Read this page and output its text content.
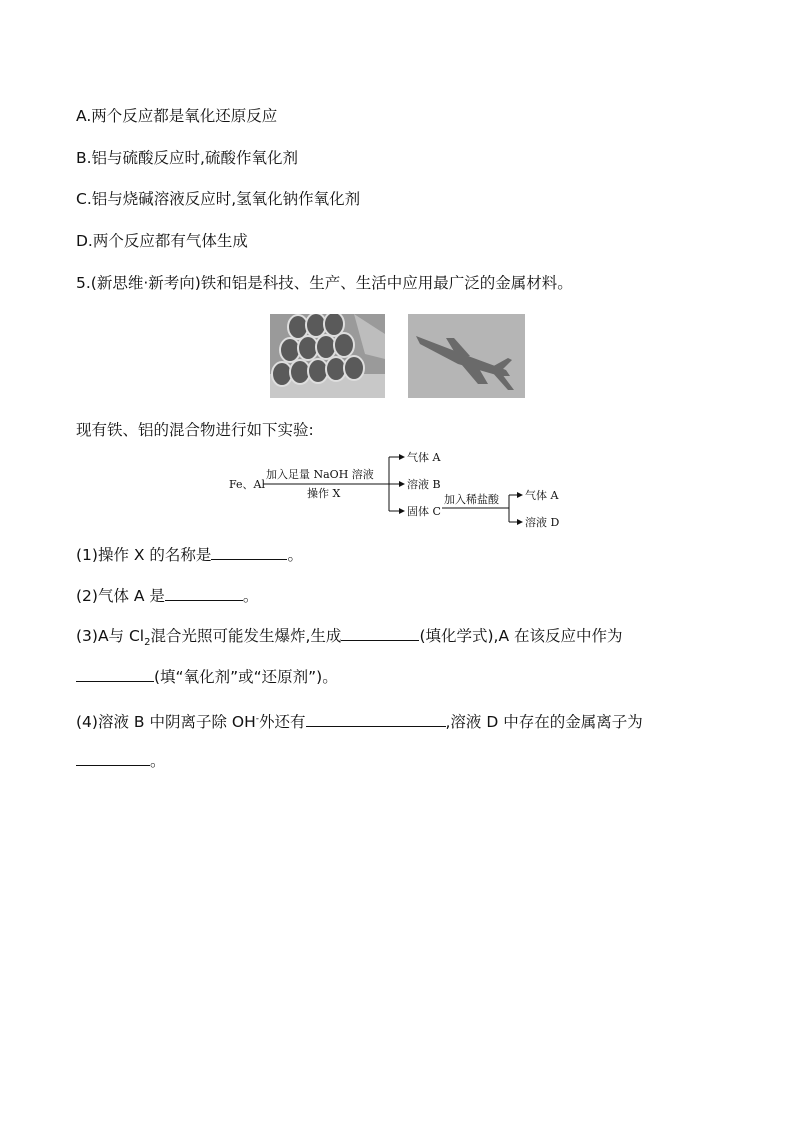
A.两个反应都是氧化还原反应
B.铝与硫酸反应时,硫酸作氧化剂
C.铝与烧碱溶液反应时,氢氧化钠作氧化剂
D.两个反应都有气体生成
5.(新思维·新考向)铁和铝是科技、生产、生活中应用最广泛的金属材料。
现有铁、铝的混合物进行如下实验:
Fe、Al
加入足量 NaOH 溶液
操作 X
气体 A
溶液 B
固体 C
加入稀盐酸 气体 A
溶液 D
(1)操作 X 的名称是	。
(2)气体 A 是	。
(3)A与 $Cl_2$混合光照可能发生爆炸,生成	(填化学式),A 在该反应中作为
(填“氧化剂”或“还原剂”)。
(4)溶液 B 中阴离子除 OH-外还有	,溶液 D 中存在的金属离子为
。
